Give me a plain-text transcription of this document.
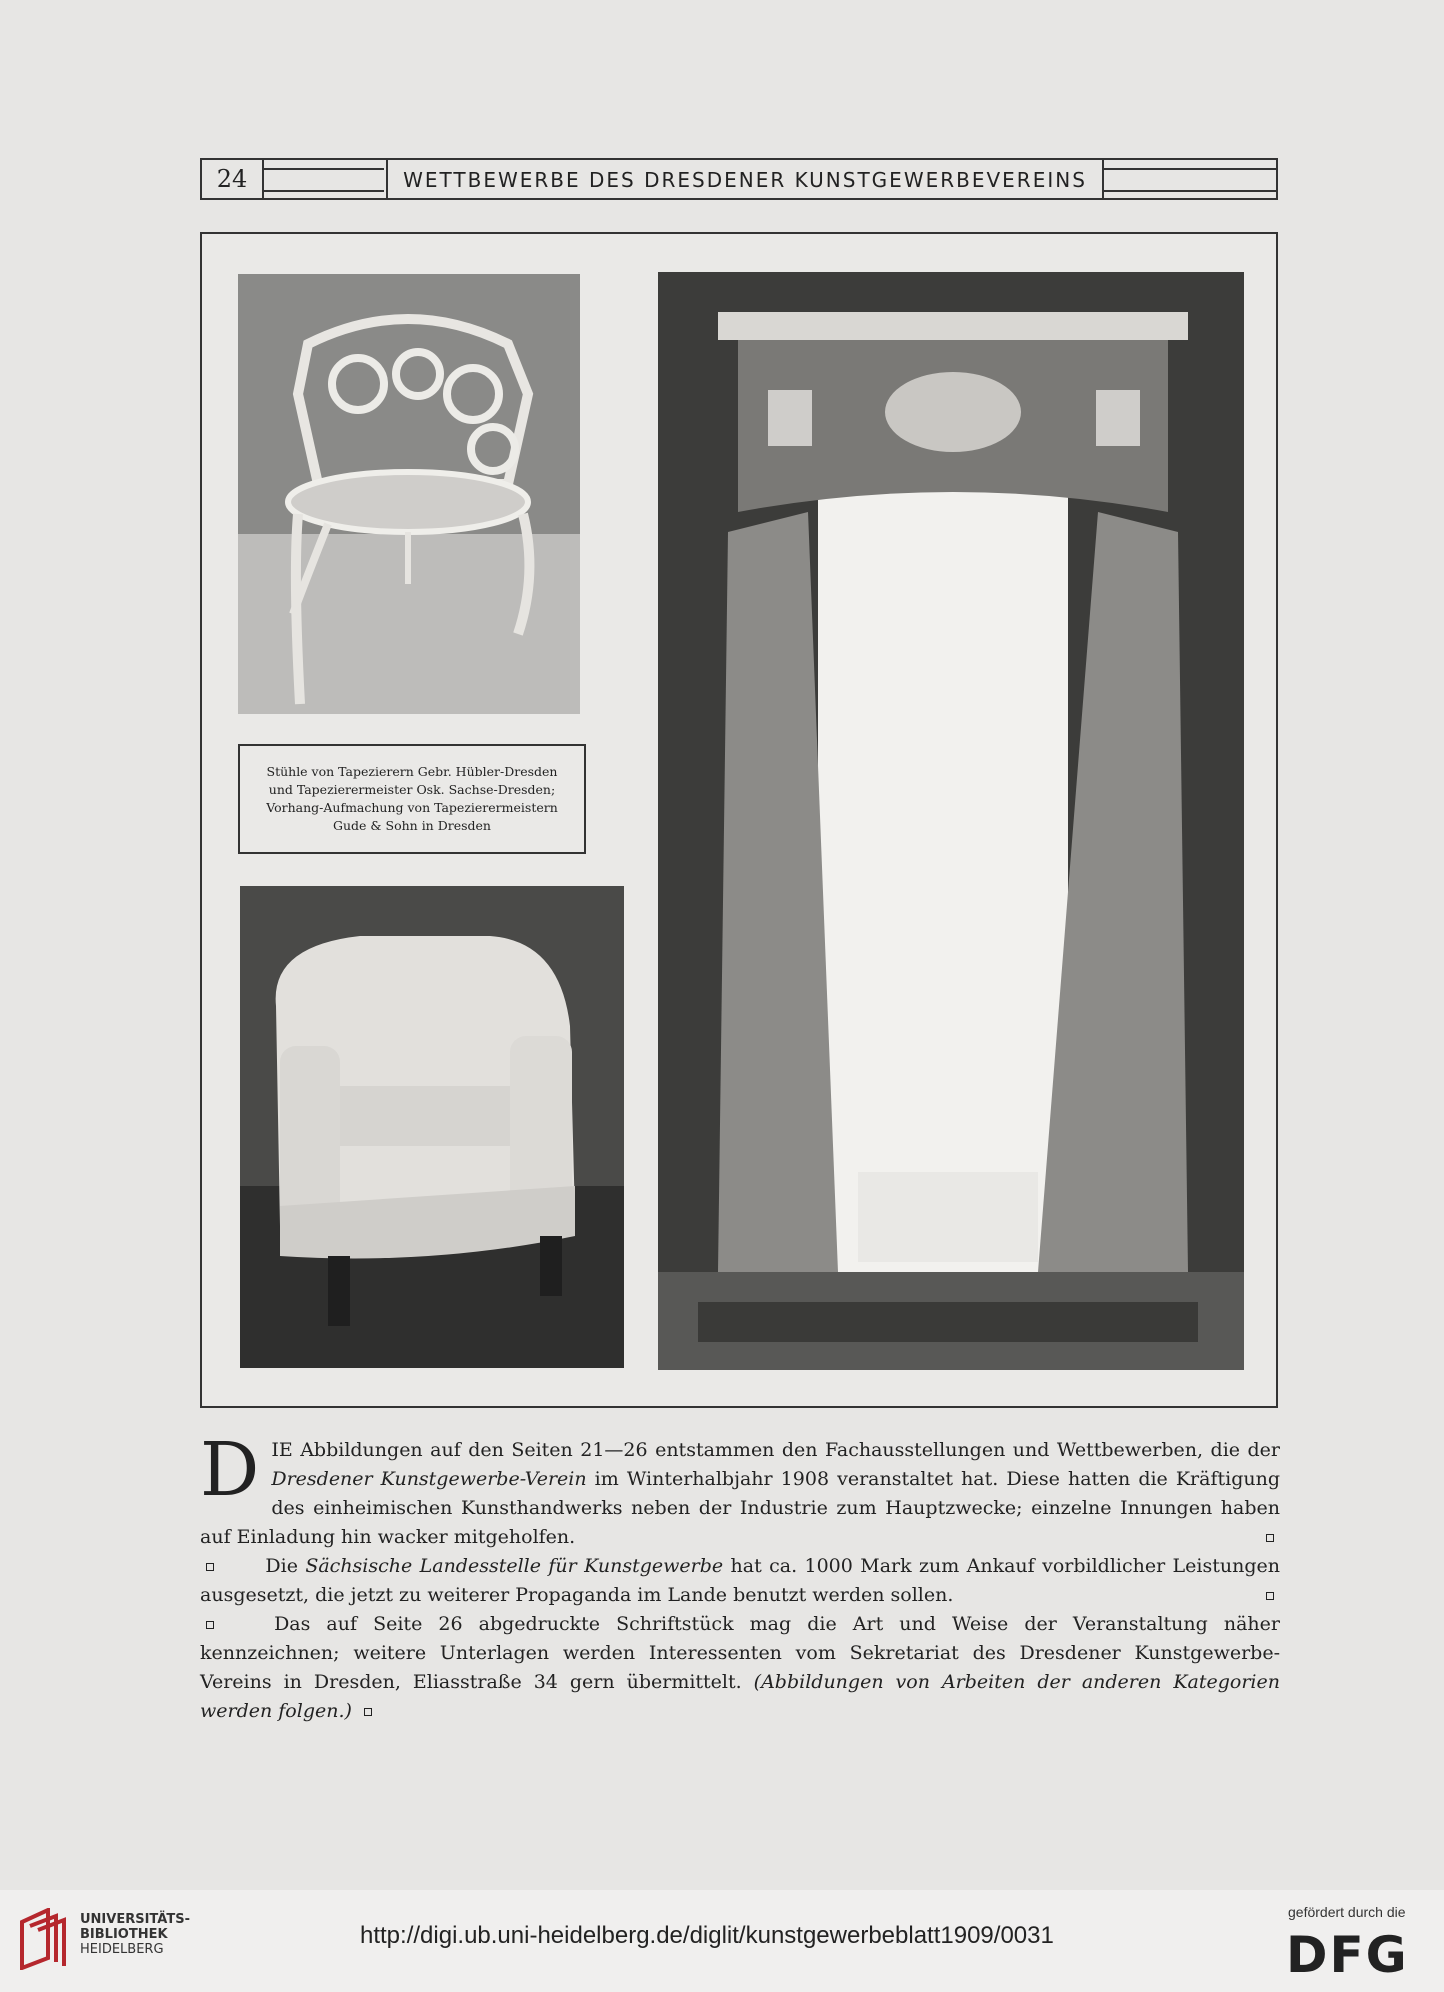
24	WETTBEWERBE DES DRESDENER KUNSTGEWERBEVEREINS
Stühle von Tapezierern Gebr. Hübler-Dresden
und Tapezierermeister Osk. Sachse-Dresden;
Vorhang-Aufmachung von Tapezierermeistern
Gude & Sohn in Dresden

D IE Abbildungen auf den Seiten 21—26 entstammen den Fachausstellungen und Wettbewerben, die der Dresdener Kunstgewerbe-Verein im Winterhalbjahr 1908 veranstaltet hat. Diese hatten die Kräftigung des einheimischen Kunsthandwerks neben der Industrie zum Hauptzwecke; einzelne Innungen haben auf Einladung hin wacker mitgeholfen.

Die Sächsische Landesstelle für Kunstgewerbe hat ca. 1000 Mark zum Ankauf vorbildlicher Leistungen ausgesetzt, die jetzt zu weiterer Propaganda im Lande benutzt werden sollen.

Das auf Seite 26 abgedruckte Schriftstück mag die Art und Weise der Veranstaltung näher kennzeichnen; weitere Unterlagen werden Interessenten vom Sekretariat des Dresdener Kunstgewerbe-Vereins in Dresden, Eliasstraße 34 gern übermittelt. (Abbildungen von Arbeiten der anderen Kategorien werden folgen.)

UNIVERSITÄTS-
BIBLIOTHEK
HEIDELBERG
http://digi.ub.uni-heidelberg.de/diglit/kunstgewerbeblatt1909/0031
gefördert durch die
DFG
